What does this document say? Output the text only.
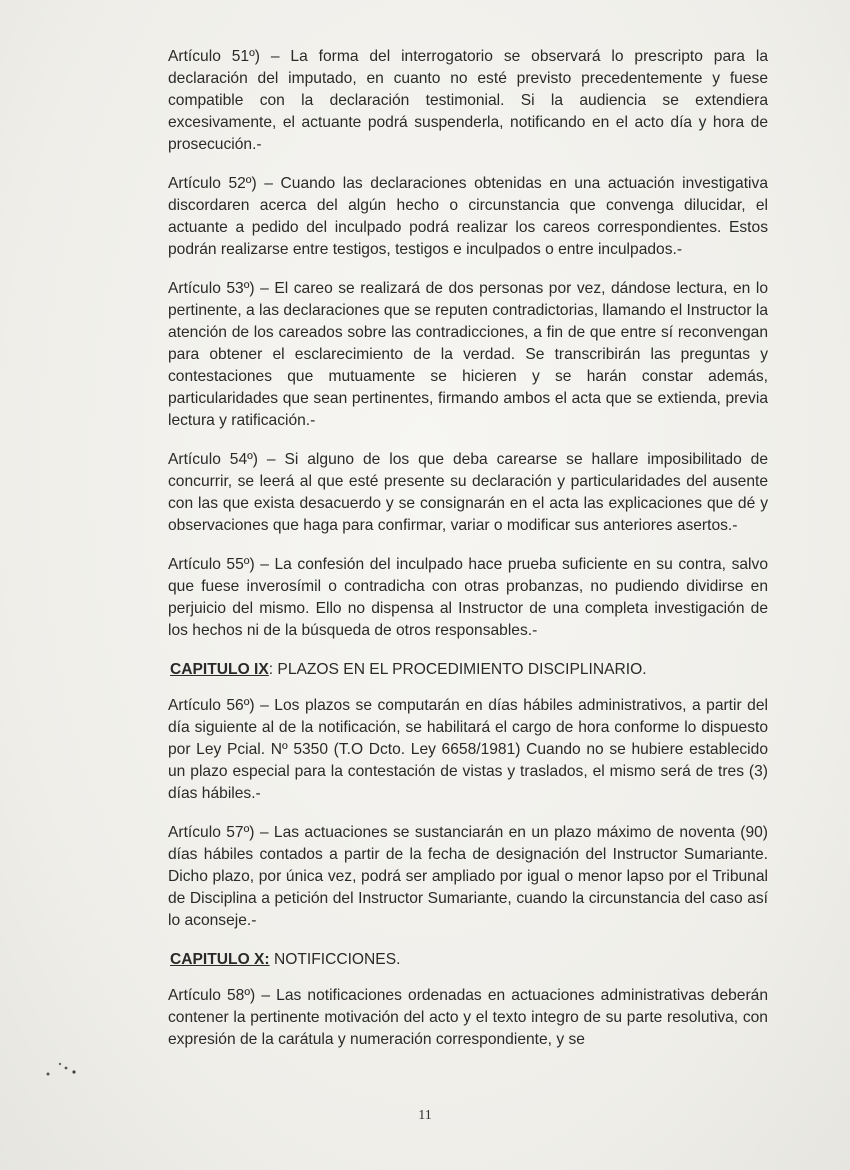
Artículo 51º) – La forma del interrogatorio se observará lo prescripto para la declaración del imputado, en cuanto no esté previsto precedentemente y fuese compatible con la declaración testimonial. Si la audiencia se extendiera excesivamente, el actuante podrá suspenderla, notificando en el acto día y hora de prosecución.-

Artículo 52º) – Cuando las declaraciones obtenidas en una actuación investigativa discordaren acerca del algún hecho o circunstancia que convenga dilucidar, el actuante a pedido del inculpado podrá realizar los careos correspondientes. Estos podrán realizarse entre testigos, testigos e inculpados o entre inculpados.-

Artículo 53º) – El careo se realizará de dos personas por vez, dándose lectura, en lo pertinente, a las declaraciones que se reputen contradictorias, llamando el Instructor la atención de los careados sobre las contradicciones, a fin de que entre sí reconvengan para obtener el esclarecimiento de la verdad. Se transcribirán las preguntas y contestaciones que mutuamente se hicieren y se harán constar además, particularidades que sean pertinentes, firmando ambos el acta que se extienda, previa lectura y ratificación.-

Artículo 54º) – Si alguno de los que deba carearse se hallare imposibilitado de concurrir, se leerá al que esté presente su declaración y particularidades del ausente con las que exista desacuerdo y se consignarán en el acta las explicaciones que dé y observaciones que haga para confirmar, variar o modificar sus anteriores asertos.-

Artículo 55º) – La confesión del inculpado hace prueba suficiente en su contra, salvo que fuese inverosímil o contradicha con otras probanzas, no pudiendo dividirse en perjuicio del mismo. Ello no dispensa al Instructor de una completa investigación de los hechos ni de la búsqueda de otros responsables.-

CAPITULO IX: PLAZOS EN EL PROCEDIMIENTO DISCIPLINARIO.

Artículo 56º) – Los plazos se computarán en días hábiles administrativos, a partir del día siguiente al de la notificación, se habilitará el cargo de hora conforme lo dispuesto por Ley Pcial. Nº 5350 (T.O Dcto. Ley 6658/1981) Cuando no se hubiere establecido un plazo especial para la contestación de vistas y traslados, el mismo será de tres (3) días hábiles.-

Artículo 57º) – Las actuaciones se sustanciarán en un plazo máximo de noventa (90) días hábiles contados a partir de la fecha de designación del Instructor Sumariante. Dicho plazo, por única vez, podrá ser ampliado por igual o menor lapso por el Tribunal de Disciplina a petición del Instructor Sumariante, cuando la circunstancia del caso así lo aconseje.-

CAPITULO X: NOTIFICCIONES.

Artículo 58º) – Las notificaciones ordenadas en actuaciones administrativas deberán contener la pertinente motivación del acto y el texto integro de su parte resolutiva, con expresión de la carátula y numeración correspondiente, y se

11
